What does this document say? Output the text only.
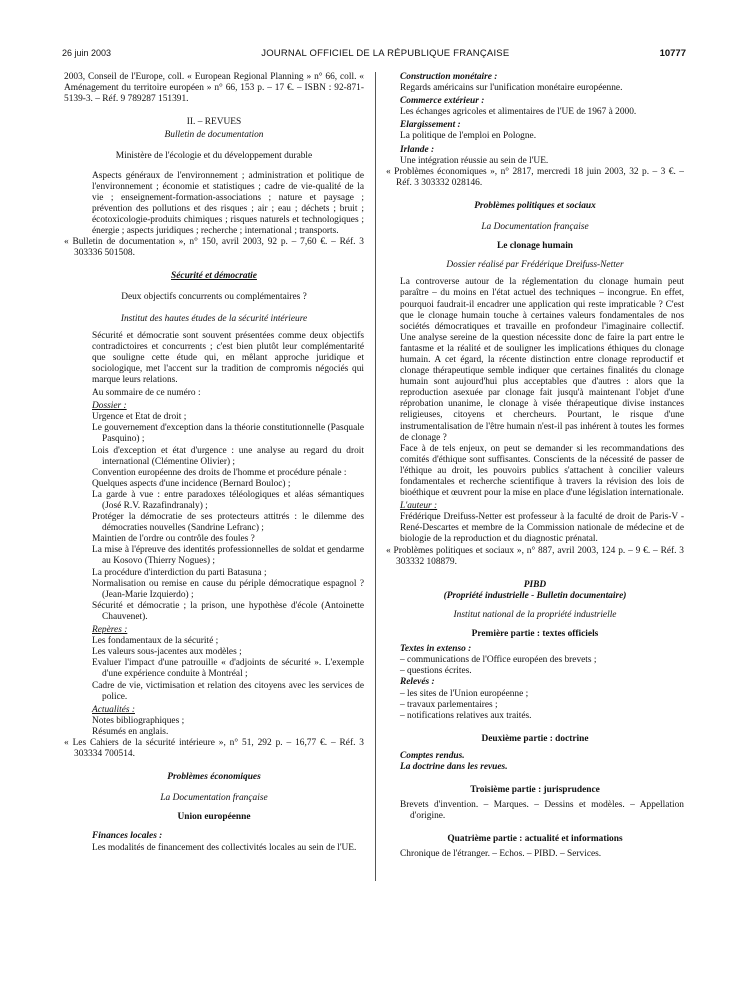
26 juin 2003	JOURNAL OFFICIEL DE LA RÉPUBLIQUE FRANÇAISE	10777

2003, Conseil de l'Europe, coll. « European Regional Planning » n° 66, coll. « Aménagement du territoire européen » n° 66, 153 p. – 17 €. – ISBN : 92-871-5139-3. – Réf. 9 789287 151391.

II. – REVUES

Bulletin de documentation

Ministère de l'écologie et du développement durable

Aspects généraux de l'environnement ; administration et politique de l'environnement ; économie et statistiques ; cadre de vie-qualité de la vie ; enseignement-formation-associations ; nature et paysage ; prévention des pollutions et des risques ; air ; eau ; déchets ; bruit ; écotoxicologie-produits chimiques ; risques naturels et technologiques ; énergie ; aspects juridiques ; recherche ; international ; transports.

« Bulletin de documentation », n° 150, avril 2003, 92 p. – 7,60 €. – Réf. 3 303336 501508.

Sécurité et démocratie

Deux objectifs concurrents ou complémentaires ?

Institut des hautes études de la sécurité intérieure

Sécurité et démocratie sont souvent présentées comme deux objectifs contradictoires et concurrents ; c'est bien plutôt leur complémentarité que souligne cette étude qui, en mêlant approche juridique et sociologique, met l'accent sur la tradition de compromis négociés qui marque leurs relations.

Au sommaire de ce numéro :

Dossier :

Urgence et Etat de droit ;

Le gouvernement d'exception dans la théorie constitutionnelle (Pasquale Pasquino) ;

Lois d'exception et état d'urgence : une analyse au regard du droit international (Clémentine Olivier) ;

Convention européenne des droits de l'homme et procédure pénale :

Quelques aspects d'une incidence (Bernard Bouloc) ;

La garde à vue : entre paradoxes téléologiques et aléas sémantiques (José R.V. Razafindranaly) ;

Protéger la démocratie de ses protecteurs attitrés : le dilemme des démocraties nouvelles (Sandrine Lefranc) ;

Maintien de l'ordre ou contrôle des foules ?

La mise à l'épreuve des identités professionnelles de soldat et gendarme au Kosovo (Thierry Nogues) ;

La procédure d'interdiction du parti Batasuna ;

Normalisation ou remise en cause du périple démocratique espagnol ? (Jean-Marie Izquierdo) ;

Sécurité et démocratie ; la prison, une hypothèse d'école (Antoinette Chauvenet).

Repères :

Les fondamentaux de la sécurité ;

Les valeurs sous-jacentes aux modèles ;

Evaluer l'impact d'une patrouille « d'adjoints de sécurité ». L'exemple d'une expérience conduite à Montréal ;

Cadre de vie, victimisation et relation des citoyens avec les services de police.

Actualités :

Notes bibliographiques ;

Résumés en anglais.

« Les Cahiers de la sécurité intérieure », n° 51, 292 p. – 16,77 €. – Réf. 3 303334 700514.

Problèmes économiques

La Documentation française

Union européenne

Finances locales :

Les modalités de financement des collectivités locales au sein de l'UE.

Construction monétaire :

Regards américains sur l'unification monétaire européenne.

Commerce extérieur :

Les échanges agricoles et alimentaires de l'UE de 1967 à 2000.

Elargissement :

La politique de l'emploi en Pologne.

Irlande :

Une intégration réussie au sein de l'UE.

« Problèmes économiques », n° 2817, mercredi 18 juin 2003, 32 p. – 3 €. – Réf. 3 303332 028146.

Problèmes politiques et sociaux

La Documentation française

Le clonage humain

Dossier réalisé par Frédérique Dreifuss-Netter

La controverse autour de la réglementation du clonage humain peut paraître – du moins en l'état actuel des techniques – incongrue. En effet, pourquoi faudrait-il encadrer une application qui reste impraticable ? C'est que le clonage humain touche à certaines valeurs fondamentales de nos sociétés démocratiques et travaille en profondeur l'imaginaire collectif. Une analyse sereine de la question nécessite donc de faire la part entre le fantasme et la réalité et de souligner les implications éthiques du clonage humain. A cet égard, la récente distinction entre clonage reproductif et clonage thérapeutique semble indiquer que certaines finalités du clonage humain sont aujourd'hui plus acceptables que d'autres : alors que la reproduction asexuée par clonage fait jusqu'à maintenant l'objet d'une réprobation unanime, le clonage à visée thérapeutique divise instances religieuses, citoyens et chercheurs. Pourtant, le risque d'une instrumentalisation de l'être humain n'est-il pas inhérent à toutes les formes de clonage ?

Face à de tels enjeux, on peut se demander si les recommandations des comités d'éthique sont suffisantes. Conscients de la nécessité de passer de l'éthique au droit, les pouvoirs publics s'attachent à concilier valeurs fondamentales et recherche scientifique à travers la révision des lois de bioéthique et œuvrent pour la mise en place d'une législation internationale.

L'auteur :

Frédérique Dreifuss-Netter est professeur à la faculté de droit de Paris-V - René-Descartes et membre de la Commission nationale de médecine et de biologie de la reproduction et du diagnostic prénatal.

« Problèmes politiques et sociaux », n° 887, avril 2003, 124 p. – 9 €. – Réf. 3 303332 108879.

PIBD

(Propriété industrielle - Bulletin documentaire)

Institut national de la propriété industrielle

Première partie : textes officiels

Textes in extenso :

– communications de l'Office européen des brevets ;

– questions écrites.

Relevés :

– les sites de l'Union européenne ;

– travaux parlementaires ;

– notifications relatives aux traités.

Deuxième partie : doctrine

Comptes rendus.

La doctrine dans les revues.

Troisième partie : jurisprudence

Brevets d'invention. – Marques. – Dessins et modèles. – Appellation d'origine.

Quatrième partie : actualité et informations

Chronique de l'étranger. – Echos. – PIBD. – Services.
